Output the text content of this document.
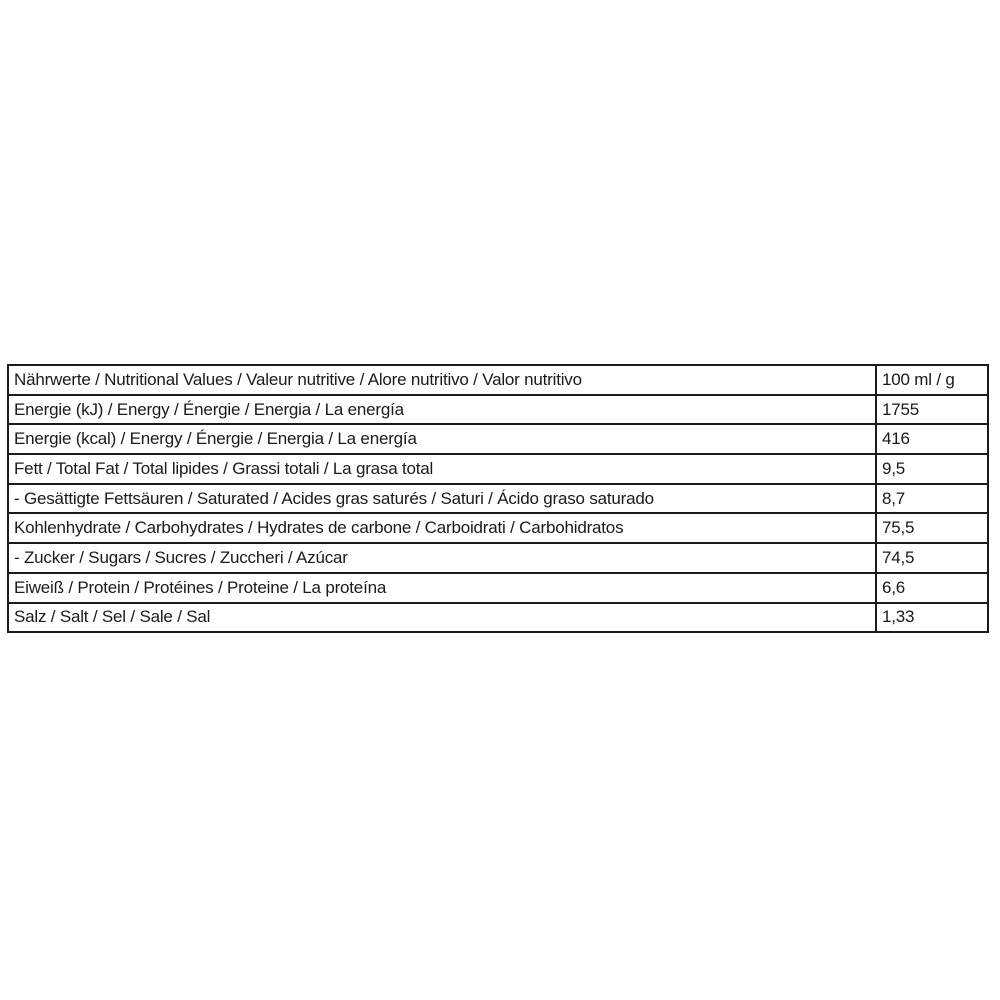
Nährwerte / Nutritional Values / Valeur nutritive / Alore nutritivo / Valor nutritivo	100 ml / g
Energie (kJ) / Energy / Énergie / Energia / La energía	1755
Energie (kcal) / Energy / Énergie / Energia / La energía	416
Fett / Total Fat / Total lipides / Grassi totali / La grasa total	9,5
- Gesättigte Fettsäuren / Saturated / Acides gras saturés / Saturi / Ácido graso saturado	8,7
Kohlenhydrate / Carbohydrates / Hydrates de carbone / Carboidrati / Carbohidratos	75,5
- Zucker / Sugars / Sucres / Zuccheri / Azúcar	74,5
Eiweiß / Protein / Protéines / Proteine / La proteína	6,6
Salz / Salt / Sel / Sale / Sal	1,33
